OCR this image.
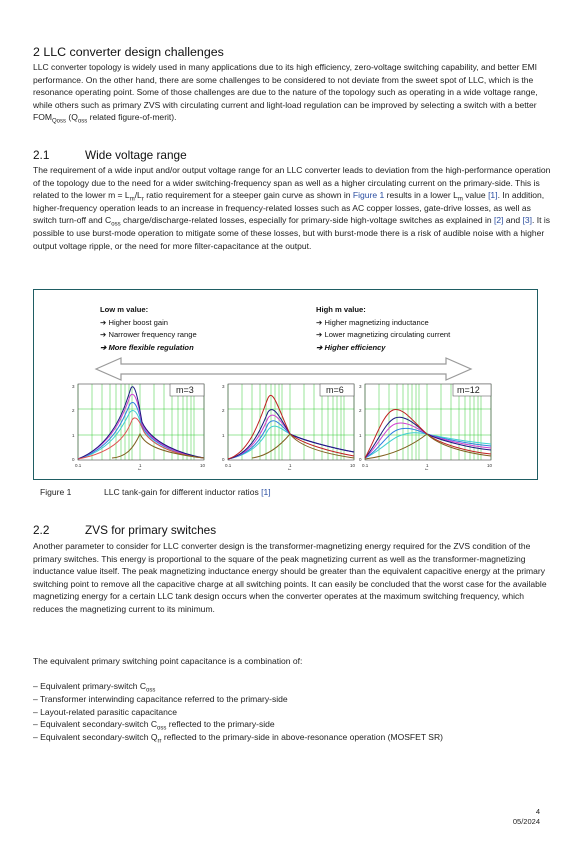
2 LLC converter design challenges

LLC converter topology is widely used in many applications due to its high efficiency, zero-voltage switching capability, and better EMI performance. On the other hand, there are some challenges to be considered to not deviate from the sweet spot of LLC, which is the resonance operating point. Some of those challenges are due to the nature of the topology such as operating in a wide voltage range, while others such as primary ZVS with circulating current and light-load regulation can be improved by selecting a switch with a better $FOM_{Qoss}$ ($Q_{oss}$ related figure-of-merit).

2.1	Wide voltage range

The requirement of a wide input and/or output voltage range for an LLC converter leads to deviation from the high-performance operation of the topology due to the need for a wider switching-frequency span as well as a higher circulating current on the primary-side. This is related to the lower $m = L_m/L_r$ ratio requirement for a steeper gain curve as shown in Figure 1 results in a lower $L_m$ value [1]. In addition, higher-frequency operation leads to an increase in frequency-related losses such as AC copper losses, gate-drive losses, as well as switch turn-off and $C_{oss}$ charge/discharge-related losses, especially for primary-side high-voltage switches as explained in [2] and [3]. It is possible to use burst-mode operation to mitigate some of these losses, but with burst-mode there is a risk of audible noise with a higher output voltage ripple, or the need for more filter-capacitance at the output.

Low m value:
➔ Higher boost gain
➔ Narrower frequency range
➔ More flexible regulation
High m value:
➔ Higher magnetizing inductance
➔ Lower magnetizing circulating current
➔ Higher efficiency
3
2
1
0
0.1	1	10
fn
m=3	3
2
1
0
0.1	1	10
fn
m=6	3
2
1
0
0.1	1	10
fn
m=12
Figure 1	LLC tank-gain for different inductor ratios [1]
2.2	ZVS for primary switches

Another parameter to consider for LLC converter design is the transformer-magnetizing energy required for the ZVS condition of the primary switches. This energy is proportional to the square of the peak magnetizing current as well as the transformer-magnetizing inductance value itself. The peak magnetizing inductance energy should be greater than the equivalent capacitive energy at the primary switching point to remove all the capacitive charge at all switching points. It can easily be concluded that the worst case for the available magnetizing energy for a certain LLC tank design occurs when the converter operates at the maximum switching frequency, which reduces the magnetizing current to its minimum.

The equivalent primary switching point capacitance is a combination of:

– Equivalent primary-switch $C_{oss}$
– Transformer interwinding capacitance referred to the primary-side
– Layout-related parasitic capacitance
– Equivalent secondary-switch $C_{oss}$ reflected to the primary-side
– Equivalent secondary-switch $Q_{rr}$ reflected to the primary-side in above-resonance operation (MOSFET SR)
4
05/2024
